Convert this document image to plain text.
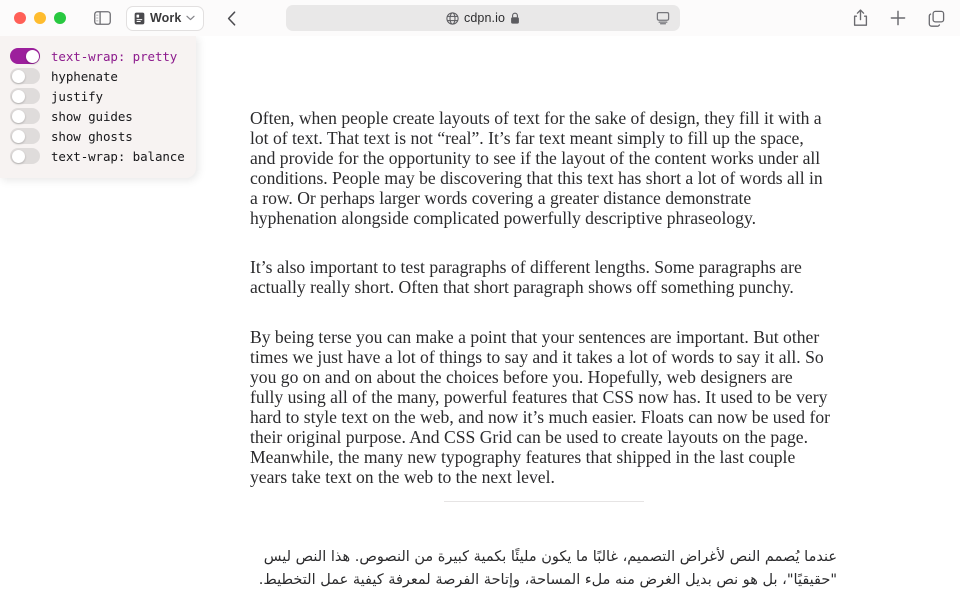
Work	cdpn.io
text-wrap: pretty
hyphenate
justify
show guides
show ghosts
text-wrap: balance

Often, when people create layouts of text for the sake of design, they fill it with a lot of text. That text is not “real”. It’s far text meant simply to fill up the space, and provide for the opportunity to see if the layout of the content works under all conditions. People may be discovering that this text has short a lot of words all in a row. Or perhaps larger words covering a greater distance demonstrate hyphenation alongside complicated powerfully descriptive phraseology.

It’s also important to test paragraphs of different lengths. Some paragraphs are actually really short. Often that short paragraph shows off something punchy.

By being terse you can make a point that your sentences are important. But other times we just have a lot of things to say and it takes a lot of words to say it all. So you go on and on about the choices before you. Hopefully, web designers are fully using all of the many, powerful features that CSS now has. It used to be very hard to style text on the web, and now it’s much easier. Floats can now be used for their original purpose. And CSS Grid can be used to create layouts on the page. Meanwhile, the many new typography features that shipped in the last couple years take text on the web to the next level.

عندما يُصمم النص لأغراض التصميم، غالبًا ما يكون مليئًا بكمية كبيرة من النصوص. هذا النص ليس "حقيقيًا"، بل هو نص بديل الغرض منه ملء المساحة، وإتاحة الفرصة لمعرفة كيفية عمل التخطيط.
